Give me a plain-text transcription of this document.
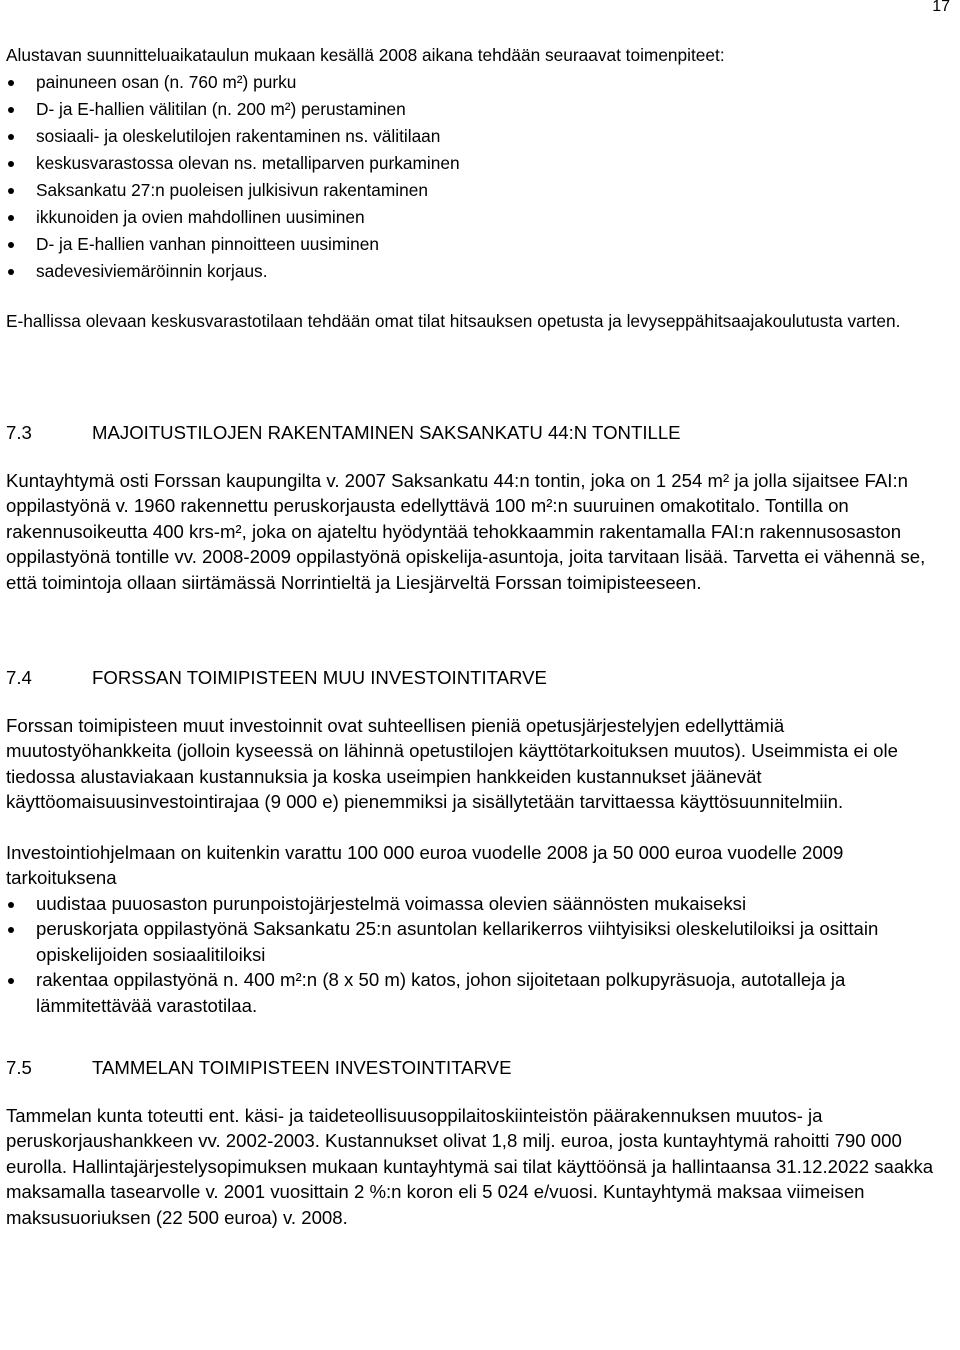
17

Alustavan suunnitteluaikataulun mukaan kesällä 2008 aikana tehdään seuraavat toimenpiteet:

painuneen osan (n. 760 m²) purku
D- ja E-hallien välitilan (n. 200 m²) perustaminen
sosiaali- ja oleskelutilojen rakentaminen ns. välitilaan
keskusvarastossa olevan ns. metalliparven purkaminen
Saksankatu 27:n puoleisen julkisivun rakentaminen
ikkunoiden ja ovien mahdollinen uusiminen
D- ja E-hallien vanhan pinnoitteen uusiminen
sadevesiviemäröinnin korjaus.

E-hallissa olevaan keskusvarastotilaan tehdään omat tilat hitsauksen opetusta ja levyseppähitsaajakoulutusta varten.

7.3	MAJOITUSTILOJEN RAKENTAMINEN SAKSANKATU 44:N TONTILLE

Kuntayhtymä osti Forssan kaupungilta v. 2007 Saksankatu 44:n tontin, joka on 1 254 m² ja jolla sijaitsee FAI:n oppilastyönä v. 1960 rakennettu peruskorjausta edellyttävä 100 m²:n suuruinen omakotitalo. Tontilla on rakennusoikeutta 400 krs-m², joka on ajateltu hyödyntää tehokkaammin rakentamalla FAI:n rakennusosaston oppilastyönä tontille vv. 2008-2009 oppilastyönä opiskelija-asuntoja, joita tarvitaan lisää. Tarvetta ei vähennä se, että toimintoja ollaan siirtämässä Norrintieltä ja Liesjärveltä Forssan toimipisteeseen.

7.4	FORSSAN TOIMIPISTEEN MUU INVESTOINTITARVE

Forssan toimipisteen muut investoinnit ovat suhteellisen pieniä opetusjärjestelyjen edellyttämiä muutostyöhankkeita (jolloin kyseessä on lähinnä opetustilojen käyttötarkoituksen muutos). Useimmista ei ole tiedossa alustaviakaan kustannuksia ja koska useimpien hankkeiden kustannukset jäänevät käyttöomaisuusinvestointirajaa (9 000 e) pienemmiksi ja sisällytetään tarvittaessa käyttösuunnitelmiin.

Investointiohjelmaan on kuitenkin varattu 100 000 euroa vuodelle 2008 ja 50 000 euroa vuodelle 2009 tarkoituksena

uudistaa puuosaston purunpoistojärjestelmä voimassa olevien säännösten mukaiseksi
peruskorjata oppilastyönä Saksankatu 25:n asuntolan kellarikerros viihtyisiksi oleskelutiloiksi ja osittain opiskelijoiden sosiaalitiloiksi
rakentaa oppilastyönä n. 400 m²:n (8 x 50 m) katos, johon sijoitetaan polkupyräsuoja, autotalleja ja lämmitettävää varastotilaa.
7.5	TAMMELAN TOIMIPISTEEN INVESTOINTITARVE

Tammelan kunta toteutti ent. käsi- ja taideteollisuusoppilaitoskiinteistön päärakennuksen muutos- ja peruskorjaushankkeen vv. 2002-2003. Kustannukset olivat 1,8 milj. euroa, josta kuntayhtymä rahoitti 790 000 eurolla. Hallintajärjestelysopimuksen mukaan kuntayhtymä sai tilat käyttöönsä ja hallintaansa 31.12.2022 saakka maksamalla tasearvolle v. 2001 vuosittain 2 %:n koron eli 5 024 e/vuosi. Kuntayhtymä maksaa viimeisen maksusuoriuksen (22 500 euroa) v. 2008.
